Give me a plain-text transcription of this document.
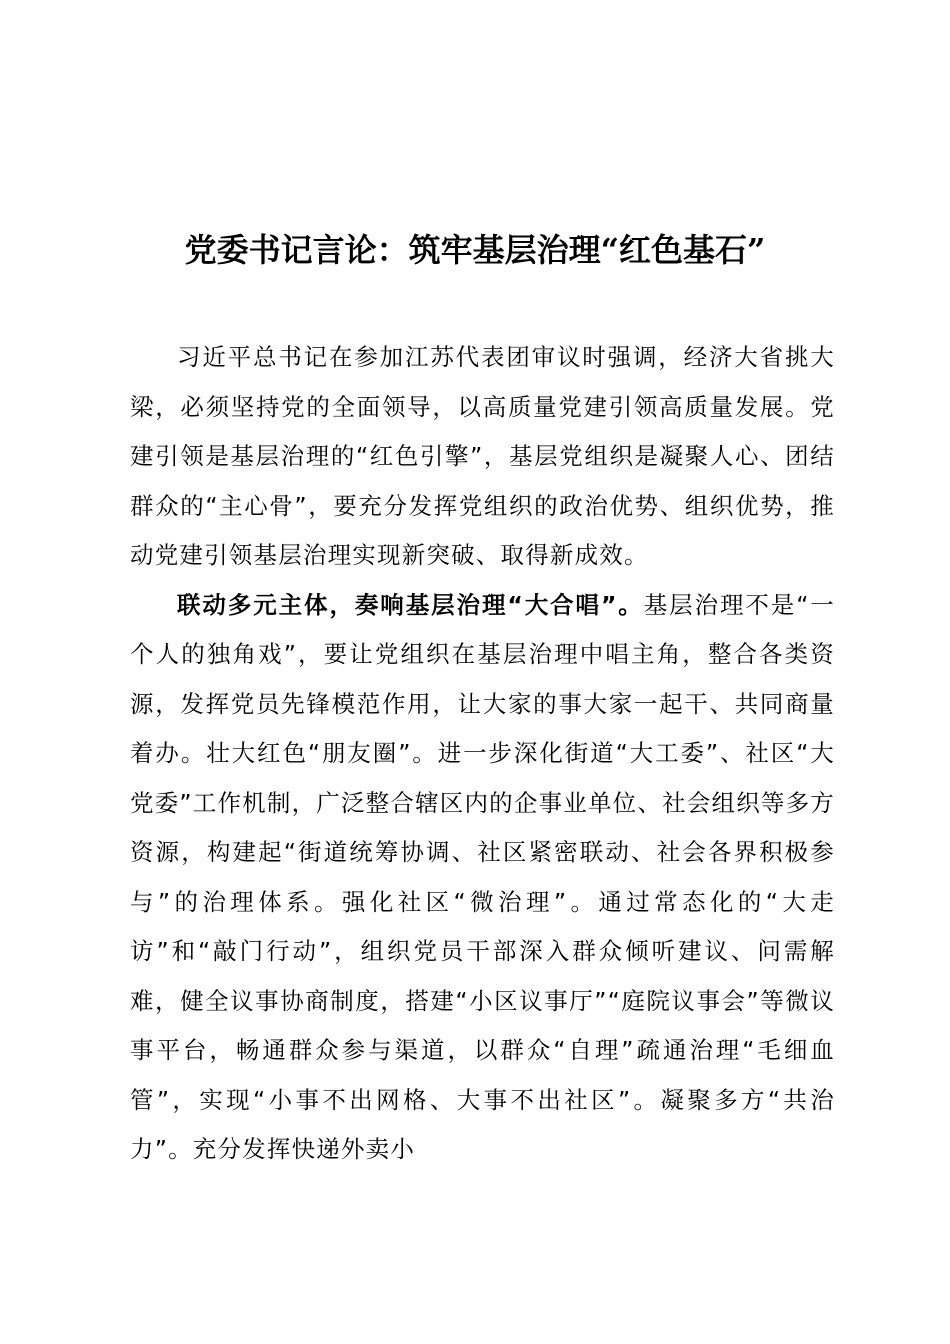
党委书记言论：筑牢基层治理“红色基石”

习近平总书记在参加江苏代表团审议时强调，经济大省挑大梁，必须坚持党的全面领导，以高质量党建引领高质量发展。党建引领是基层治理的“红色引擎”，基层党组织是凝聚人心、团结群众的“主心骨”，要充分发挥党组织的政治优势、组织优势，推动党建引领基层治理实现新突破、取得新成效。

联动多元主体，奏响基层治理“大合唱”。基层治理不是“一个人的独角戏”，要让党组织在基层治理中唱主角，整合各类资源，发挥党员先锋模范作用，让大家的事大家一起干、共同商量着办。壮大红色“朋友圈”。进一步深化街道“大工委”、社区“大党委”工作机制，广泛整合辖区内的企事业单位、社会组织等多方资源，构建起“街道统筹协调、社区紧密联动、社会各界积极参与”的治理体系。强化社区“微治理”。通过常态化的“大走访”和“敲门行动”，组织党员干部深入群众倾听建议、问需解难，健全议事协商制度，搭建“小区议事厅”“庭院议事会”等微议事平台，畅通群众参与渠道，以群众“自理”疏通治理“毛细血管”，实现“小事不出网格、大事不出社区”。凝聚多方“共治力”。充分发挥快递外卖小
